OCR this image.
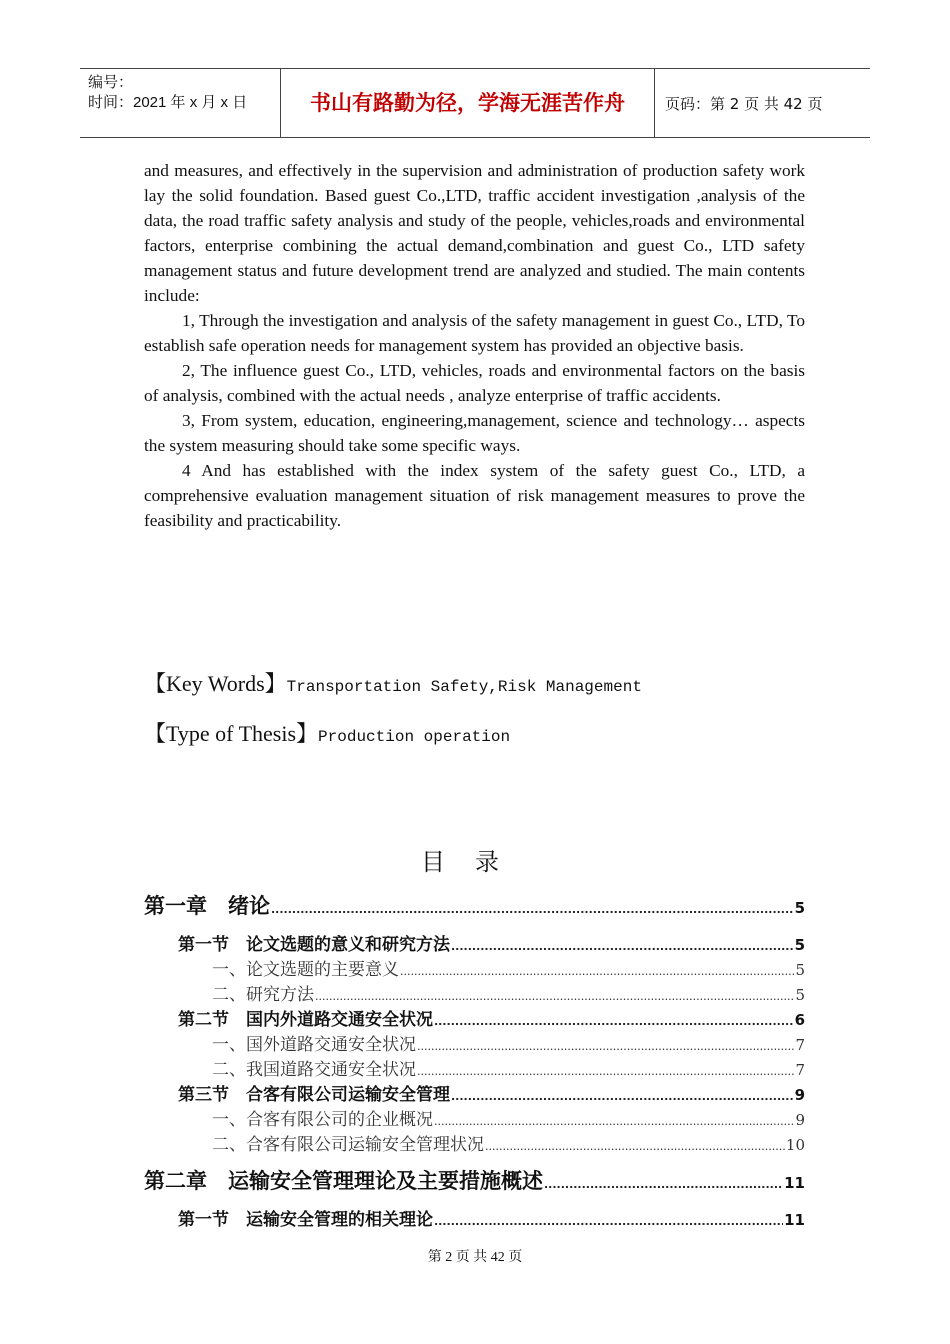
编号：
时间：2021 年 x 月 x 日	书山有路勤为径，学海无涯苦作舟	页码：第 2 页 共 42 页

and measures, and effectively in the supervision and administration of production safety work lay the solid foundation. Based guest Co.,LTD, traffic accident investigation ,analysis of the data, the road traffic safety analysis and study of the people, vehicles,roads and environmental factors, enterprise combining the actual demand,combination and guest Co., LTD safety management status and future development trend are analyzed and studied. The main contents include:

1, Through the investigation and analysis of the safety management in guest Co., LTD, To establish safe operation needs for management system has provided an objective basis.

2, The influence guest Co., LTD, vehicles, roads and environmental factors on the basis of analysis, combined with the actual needs , analyze enterprise of traffic accidents.

3, From system, education, engineering,management, science and technology… aspects the system measuring should take some specific ways.

4 And has established with the index system of the safety guest Co., LTD, a comprehensive evaluation management situation of risk management measures to prove the feasibility and practicability.

【Key Words】Transportation Safety,Risk Management
【Type of Thesis】Production operation
目录
第一章　绪论 .....	5
第一节　论文选题的意义和研究方法 .....	5
一、论文选题的主要意义 .....	5
二、研究方法 .....	5
第二节　国内外道路交通安全状况 .....	6
一、国外道路交通安全状况 .....	7
二、我国道路交通安全状况 .....	7
第三节　合客有限公司运输安全管理 .....	9
一、合客有限公司的企业概况 .....	9
二、合客有限公司运输安全管理状况 .....	10
第二章　运输安全管理理论及主要措施概述 .....	11
第一节　运输安全管理的相关理论 .....	11
第 2 页 共 42 页
